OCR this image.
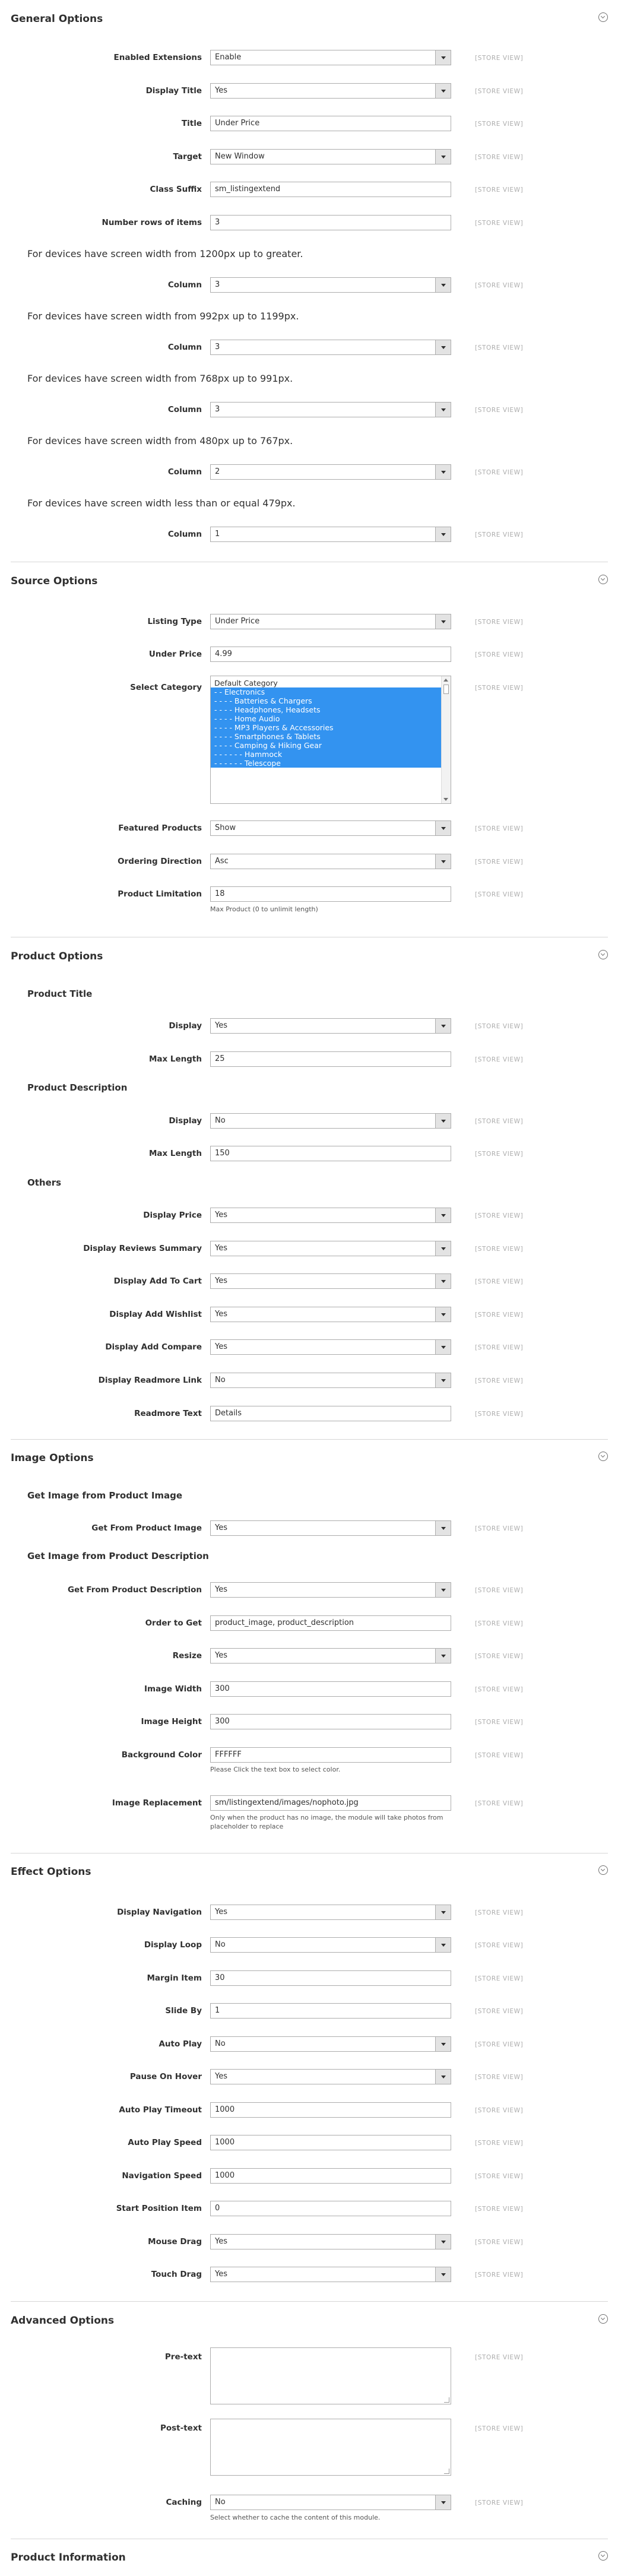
General Options
Enabled Extensions	Enable	[STORE VIEW]
Display Title	Yes	[STORE VIEW]
Title	Under Price	[STORE VIEW]
Target	New Window	[STORE VIEW]
Class Suffix	sm_listingextend	[STORE VIEW]
Number rows of items	3	[STORE VIEW]
For devices have screen width from 1200px up to greater.
Column	3	[STORE VIEW]
For devices have screen width from 992px up to 1199px.
Column	3	[STORE VIEW]
For devices have screen width from 768px up to 991px.
Column	3	[STORE VIEW]
For devices have screen width from 480px up to 767px.
Column	2	[STORE VIEW]
For devices have screen width less than or equal 479px.
Column	1	[STORE VIEW]
Source Options
Listing Type	Under Price	[STORE VIEW]
Under Price	4.99	[STORE VIEW]
Select Category	Default Category
- - Electronics
- - - - Batteries & Chargers
- - - - Headphones, Headsets
- - - - Home Audio
- - - - MP3 Players & Accessories
- - - - Smartphones & Tablets
- - - - Camping & Hiking Gear
- - - - - - Hammock
- - - - - - Telescope
[STORE VIEW]
Featured Products	Show	[STORE VIEW]
Ordering Direction	Asc	[STORE VIEW]
Product Limitation	18	[STORE VIEW]
Max Product (0 to unlimit length)
Product Options
Product Title
Display	Yes	[STORE VIEW]
Max Length	25	[STORE VIEW]
Product Description
Display	No	[STORE VIEW]
Max Length	150	[STORE VIEW]
Others
Display Price	Yes	[STORE VIEW]
Display Reviews Summary	Yes	[STORE VIEW]
Display Add To Cart	Yes	[STORE VIEW]
Display Add Wishlist	Yes	[STORE VIEW]
Display Add Compare	Yes	[STORE VIEW]
Display Readmore Link	No	[STORE VIEW]
Readmore Text	Details	[STORE VIEW]
Image Options
Get Image from Product Image
Get From Product Image	Yes	[STORE VIEW]
Get Image from Product Description
Get From Product Description	Yes	[STORE VIEW]
Order to Get	product_image, product_description	[STORE VIEW]
Resize	Yes	[STORE VIEW]
Image Width	300	[STORE VIEW]
Image Height	300	[STORE VIEW]
Background Color	FFFFFF	[STORE VIEW]
Please Click the text box to select color.
Image Replacement	sm/listingextend/images/nophoto.jpg	[STORE VIEW]
Only when the product has no image, the module will take photos from placeholder to replace
Effect Options
Display Navigation	Yes	[STORE VIEW]
Display Loop	No	[STORE VIEW]
Margin Item	30	[STORE VIEW]
Slide By	1	[STORE VIEW]
Auto Play	No	[STORE VIEW]
Pause On Hover	Yes	[STORE VIEW]
Auto Play Timeout	1000	[STORE VIEW]
Auto Play Speed	1000	[STORE VIEW]
Navigation Speed	1000	[STORE VIEW]
Start Position Item	0	[STORE VIEW]
Mouse Drag	Yes	[STORE VIEW]
Touch Drag	Yes	[STORE VIEW]
Advanced Options
Pre-text	[STORE VIEW]
Post-text	[STORE VIEW]
Caching	No	[STORE VIEW]
Select whether to cache the content of this module.
Product Information
